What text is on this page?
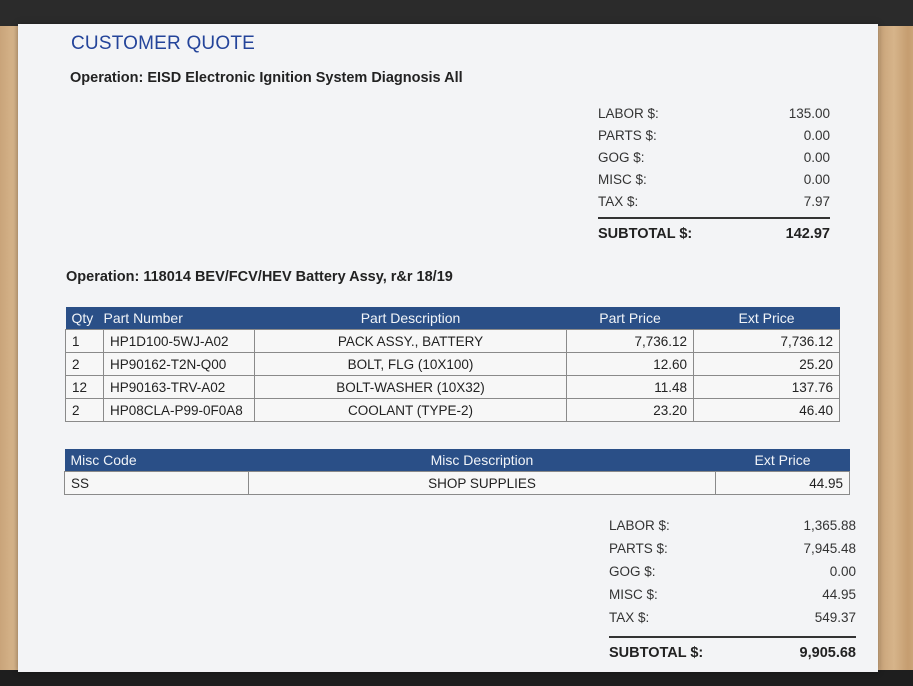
CUSTOMER QUOTE
Operation: EISD Electronic Ignition System Diagnosis All
LABOR $:	135.00
PARTS $:	0.00
GOG $:	0.00
MISC $:	0.00
TAX $:	7.97
SUBTOTAL $:	142.97
Operation: 118014 BEV/FCV/HEV Battery Assy, r&r 18/19
Qty	Part Number	Part Description	Part Price	Ext Price
1	HP1D100-5WJ-A02	PACK ASSY., BATTERY	7,736.12	7,736.12
2	HP90162-T2N-Q00	BOLT, FLG (10X100)	12.60	25.20
12	HP90163-TRV-A02	BOLT-WASHER (10X32)	11.48	137.76
2	HP08CLA-P99-0F0A8	COOLANT (TYPE-2)	23.20	46.40
Misc Code	Misc Description	Ext Price
SS	SHOP SUPPLIES	44.95
LABOR $:	1,365.88
PARTS $:	7,945.48
GOG $:	0.00
MISC $:	44.95
TAX $:	549.37
SUBTOTAL $:	9,905.68
